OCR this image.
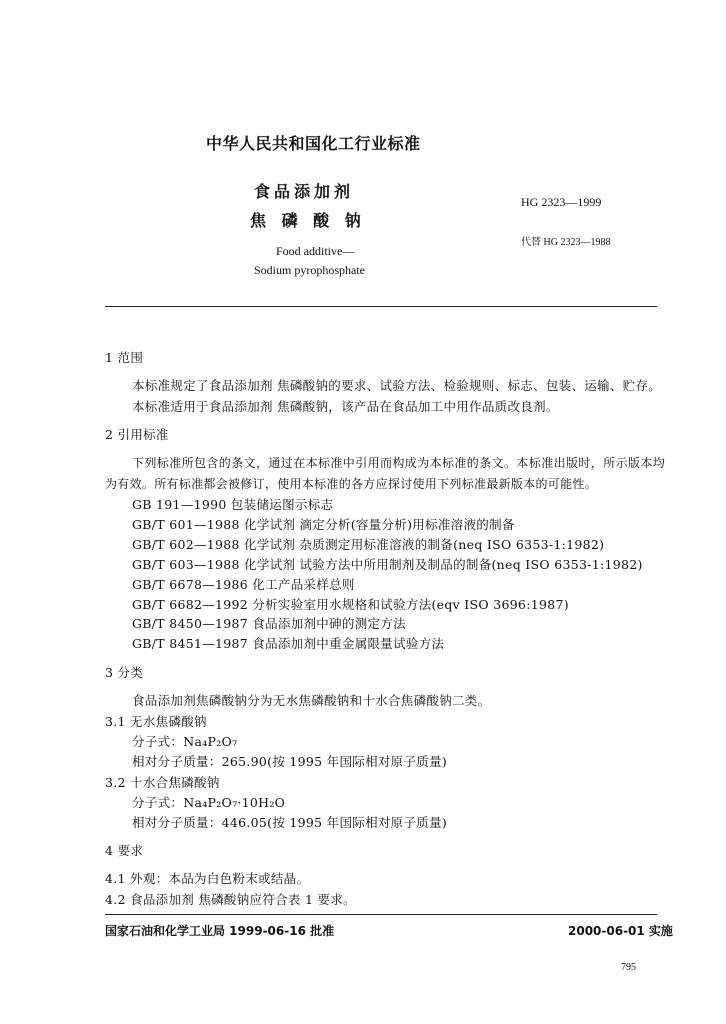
中华人民共和国化工行业标准
食品添加剂
焦 磷 酸 钠
Food additive—
Sodium pyrophosphate
HG 2323—1999
代替 HG 2323—1988
1 范围
本标准规定了食品添加剂 焦磷酸钠的要求、试验方法、检验规则、标志、包装、运输、贮存。
本标准适用于食品添加剂 焦磷酸钠，该产品在食品加工中用作品质改良剂。
2 引用标准
下列标准所包含的条文，通过在本标准中引用而构成为本标准的条文。本标准出版时，所示版本均
为有效。所有标准都会被修订，使用本标准的各方应探讨使用下列标准最新版本的可能性。
GB 191—1990 包装储运图示标志
GB/T 601—1988 化学试剂 滴定分析(容量分析)用标准溶液的制备
GB/T 602—1988 化学试剂 杂质测定用标准溶液的制备(neq ISO 6353-1:1982)
GB/T 603—1988 化学试剂 试验方法中所用制剂及制品的制备(neq ISO 6353-1:1982)
GB/T 6678—1986 化工产品采样总则
GB/T 6682—1992 分析实验室用水规格和试验方法(eqv ISO 3696:1987)
GB/T 8450—1987 食品添加剂中砷的测定方法
GB/T 8451—1987 食品添加剂中重金属限量试验方法
3 分类
食品添加剂焦磷酸钠分为无水焦磷酸钠和十水合焦磷酸钠二类。
3.1 无水焦磷酸钠
分子式：Na₄P₂O₇
相对分子质量：265.90(按 1995 年国际相对原子质量)
3.2 十水合焦磷酸钠
分子式：Na₄P₂O₇·10H₂O
相对分子质量：446.05(按 1995 年国际相对原子质量)
4 要求
4.1 外观：本品为白色粉末或结晶。
4.2 食品添加剂 焦磷酸钠应符合表 1 要求。
国家石油和化学工业局 1999-06-16 批准	2000-06-01 实施
795
